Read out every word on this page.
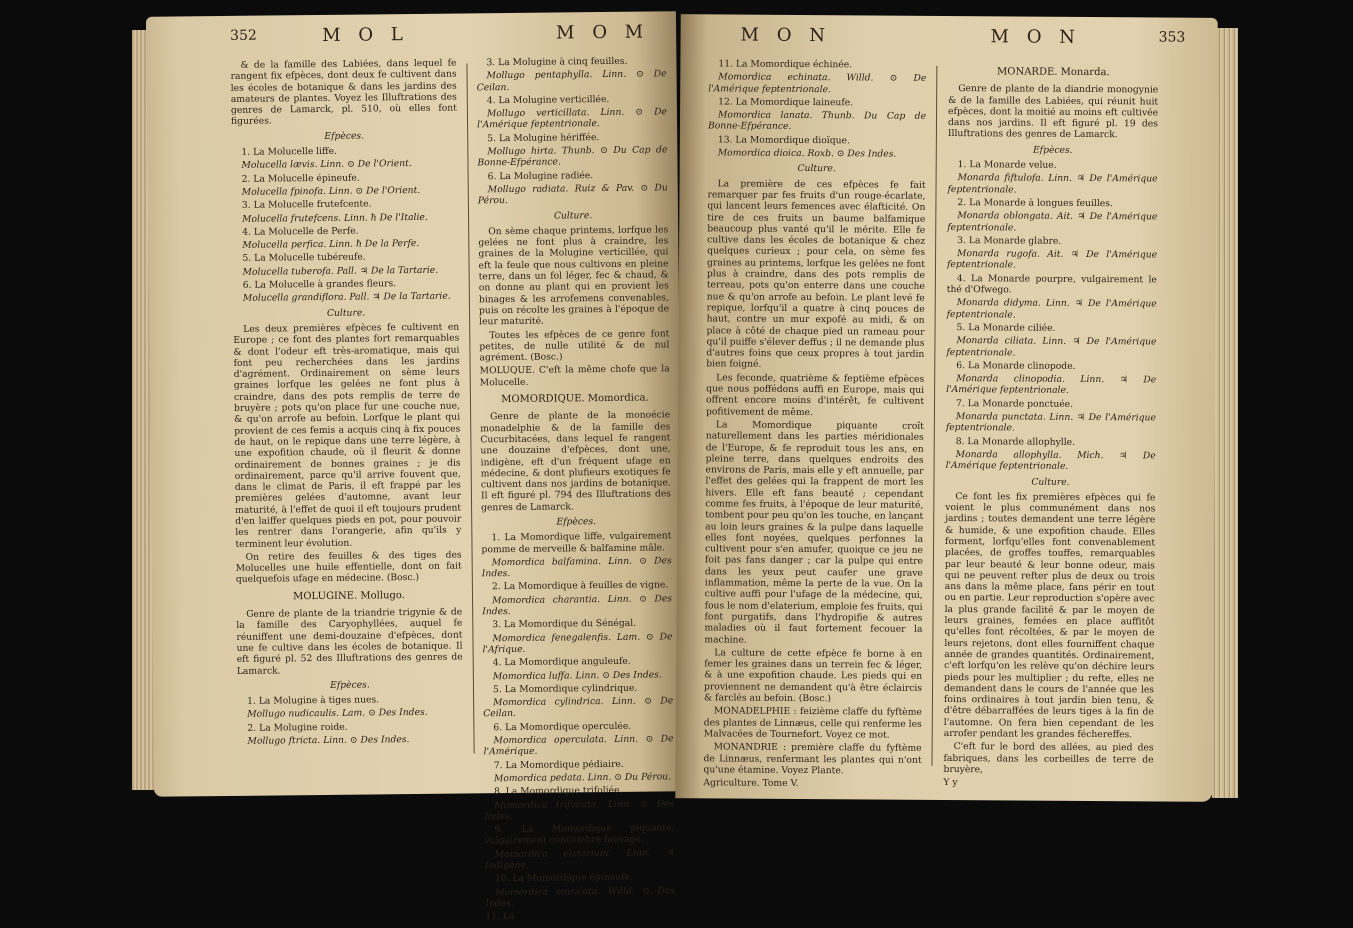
352	M O L	M O M

& de la famille des Labiées, dans lequel fe rangent fix efpèces, dont deux fe cultivent dans les écoles de botanique & dans les jardins des amateurs de plantes. Voyez les Illuftrations des genres de Lamarck, pl. 510, où elles font figurées.

Efpèces.

1. La Molucelle liffe.

Molucella lævis. Linn. ⊙ De l'Orient.

2. La Molucelle épineufe.

Molucella fpinofa. Linn. ⊙ De l'Orient.

3. La Molucelle frutefcente.

Molucella frutefcens. Linn. ħ De l'Italie.

4. La Molucelle de Perfe.

Molucella perfica. Linn. ħ De la Perfe.

5. La Molucelle tubéreufe.

Molucella tuberofa. Pall. ♃ De la Tartarie.

6. La Molucelle à grandes fleurs.

Molucella grandiflora. Pall. ♃ De la Tartarie.

Culture.

Les deux premières efpèces fe cultivent en Europe ; ce font des plantes fort remarquables & dont l'odeur eft très-aromatique, mais qui font peu recherchées dans les jardins d'agrément. Ordinairement on sème leurs graines lorfque les gelées ne font plus à craindre, dans des pots remplis de terre de bruyère ; pots qu'on place fur une couche nue, & qu'on arrofe au befoin. Lorfque le plant qui provient de ces femis a acquis cinq à fix pouces de haut, on le repique dans une terre légère, à une expofition chaude, où il fleurit & donne ordinairement de bonnes graines ; je dis ordinairement, parce qu'il arrive fouvent que, dans le climat de Paris, il eft frappé par les premières gelées d'automne, avant leur maturité, à l'effet de quoi il eft toujours prudent d'en laiffer quelques pieds en pot, pour pouvoir les rentrer dans l'orangerie, afin qu'ils y terminent leur évolution.

On retire des feuilles & des tiges des Molucelles une huile effentielle, dont on fait quelquefois ufage en médecine. (Bosc.)

MOLUGINE. Mollugo.

Genre de plante de la triandrie trigynie & de la famille des Caryophyllées, auquel fe réuniffent une demi-douzaine d'efpèces, dont une fe cultive dans les écoles de botanique. Il eft figuré pl. 52 des Illuftrations des genres de Lamarck.

Efpèces.

1. La Molugine à tiges nues.

Mollugo nudicaulis. Lam. ⊙ Des Indes.

2. La Molugine roide.

Mollugo ftricta. Linn. ⊙ Des Indes.

3. La Molugine à cinq feuilles.

Mollugo pentaphylla. Linn. ⊙ De Ceilan.

4. La Molugine verticillée.

Mollugo verticillata. Linn. ⊙ De l'Amérique feptentrionale.

5. La Molugine hériffée.

Mollugo hirta. Thunb. ⊙ Du Cap de Bonne-Efpérance.

6. La Molugine radiée.

Mollugo radiata. Ruiz & Pav. ⊙ Du Pérou.

Culture.

On sème chaque printems, lorfque les gelées ne font plus à craindre, les graines de la Molugine verticillée, qui eft la feule que nous cultivons en pleine terre, dans un fol léger, fec & chaud, & on donne au plant qui en provient les binages & les arrofemens convenables, puis on récolte les graines à l'époque de leur maturité.

Toutes les efpèces de ce genre font petites, de nulle utilité & de nul agrément. (Bosc.)

MOLUQUE. C'eft la même chofe que la Molucelle.

MOMORDIQUE. Momordica.

Genre de plante de la monoécie monadelphie & de la famille des Cucurbitacées, dans lequel fe rangent une douzaine d'efpèces, dont une, indigène, eft d'un fréquent ufage en médecine, & dont plufieurs exotiques fe cultivent dans nos jardins de botanique. Il eft figuré pl. 794 des Illuftrations des genres de Lamarck.

Efpèces.

1. La Momordique liffe, vulgairement pomme de merveille & balfamine mâle.

Momordica balfamina. Linn. ⊙ Des Indes.

2. La Momordique à feuilles de vigne.

Momordica charantia. Linn. ⊙ Des Indes.

3. La Momordique du Sénégal.

Momordica fenegalenfis. Lam. ⊙ De l'Afrique.

4. La Momordique anguleufe.

Momordica luffa. Linn. ⊙ Des Indes.

5. La Momordique cylindrique.

Momordica cylindrica. Linn. ⊙ De Ceilan.

6. La Momordique operculée.

Momordica operculata. Linn. ⊙ De l'Amérique.

7. La Momordique pédiaire.

Momordica pedata. Linn. ⊙ Du Pérou.

8. La Momordique trifoliée.

Momordica trifoliata. Linn. ⊙ Des Indes.

9. La Momordique piquante, vulgairement concombre fauvage.

Momordica elaterium. Linn. ♃ Indigène.

10. La Momordique épineufe.

Momordica muricata. Willd. ⊙ Des Indes.

11. La

M O N	M O N	353

11. La Momordique échinée.

Momordica echinata. Willd. ⊙ De l'Amérique feptentrionale.

12. La Momordique laineufe.

Momordica lanata. Thunb. Du Cap de Bonne-Efpérance.

13. La Momordique dioïque.

Momordica dioica. Roxb. ⊙ Des Indes.

Culture.

La première de ces efpèces fe fait remarquer par fes fruits d'un rouge-écarlate, qui lancent leurs femences avec élafticité. On tire de ces fruits un baume balfamique beaucoup plus vanté qu'il le mérite. Elle fe cultive dans les écoles de botanique & chez quelques curieux ; pour cela, on sème fes graines au printems, lorfque les gelées ne font plus à craindre, dans des pots remplis de terreau, pots qu'on enterre dans une couche nue & qu'on arrofe au befoin. Le plant levé fe repique, lorfqu'il a quatre à cinq pouces de haut, contre un mur expofé au midi, & on place à côté de chaque pied un rameau pour qu'il puiffe s'élever deffus ; il ne demande plus d'autres foins que ceux propres à tout jardin bien foigné.

Les feconde, quatrième & feptième efpèces que nous poffédons auffi en Europe, mais qui offrent encore moins d'intérêt, fe cultivent pofitivement de même.

La Momordique piquante croît naturellement dans les parties méridionales de l'Europe, & fe reproduit tous les ans, en pleine terre, dans quelques endroits des environs de Paris, mais elle y eft annuelle, par l'effet des gelées qui la frappent de mort les hivers. Elle eft fans beauté ; cependant comme fes fruits, à l'époque de leur maturité, tombent pour peu qu'on les touche, en lançant au loin leurs graines & la pulpe dans laquelle elles font noyées, quelques perfonnes la cultivent pour s'en amufer, quoique ce jeu ne foit pas fans danger ; car la pulpe qui entre dans les yeux peut caufer une grave inflammation, même la perte de la vue. On la cultive auffi pour l'ufage de la médecine, qui, fous le nom d'elaterium, emploie fes fruits, qui font purgatifs, dans l'hydropifie & autres maladies où il faut fortement fecouer la machine.

La culture de cette efpèce fe borne à en femer les graines dans un terrein fec & léger, & à une expofition chaude. Les pieds qui en proviennent ne demandent qu'à être éclaircis & farclés au befoin. (Bosc.)

MONADELPHIE : feizième claffe du fyftème des plantes de Linnæus, celle qui renferme les Malvacées de Tournefort. Voyez ce mot.

MONANDRIE : première claffe du fyftème de Linnæus, renfermant les plantes qui n'ont qu'une étamine. Voyez Plante.

Agriculture. Tome V.

MONARDE. Monarda.

Genre de plante de la diandrie monogynie & de la famille des Labiées, qui réunit huit efpèces, dont la moitié au moins eft cultivée dans nos jardins. Il eft figuré pl. 19 des Illuftrations des genres de Lamarck.

Efpèces.

1. La Monarde velue.

Monarda fiftulofa. Linn. ♃ De l'Amérique feptentrionale.

2. La Monarde à longues feuilles.

Monarda oblongata. Ait. ♃ De l'Amérique feptentrionale.

3. La Monarde glabre.

Monarda rugofa. Ait. ♃ De l'Amérique feptentrionale.

4. La Monarde pourpre, vulgairement le thé d'Ofwego.

Monarda didyma. Linn. ♃ De l'Amérique feptentrionale.

5. La Monarde ciliée.

Monarda ciliata. Linn. ♃ De l'Amérique feptentrionale.

6. La Monarde clinopode.

Monarda clinopodia. Linn. ♃ De l'Amérique feptentrionale.

7. La Monarde ponctuée.

Monarda punctata. Linn. ♃ De l'Amérique feptentrionale.

8. La Monarde allophylle.

Monarda allophylla. Mich. ♃ De l'Amérique feptentrionale.

Culture.

Ce font les fix premières efpèces qui fe voient le plus communément dans nos jardins ; toutes demandent une terre légère & humide, & une expofition chaude. Elles forment, lorfqu'elles font convenablement placées, de groffes touffes, remarquables par leur beauté & leur bonne odeur, mais qui ne peuvent refter plus de deux ou trois ans dans la même place, fans périr en tout ou en partie. Leur reproduction s'opère avec la plus grande facilité & par le moyen de leurs graines, femées en place auffitôt qu'elles font récoltées, & par le moyen de leurs rejetons, dont elles fourniffent chaque année de grandes quantités. Ordinairement, c'eft lorfqu'on les relève qu'on déchire leurs pieds pour les multiplier ; du refte, elles ne demandent dans le cours de l'année que les foins ordinaires à tout jardin bien tenu, & d'être débarraffées de leurs tiges à la fin de l'automne. On fera bien cependant de les arrofer pendant les grandes féchereffes.

C'eft fur le bord des allées, au pied des fabriques, dans les corbeilles de terre de bruyère,

Y y
